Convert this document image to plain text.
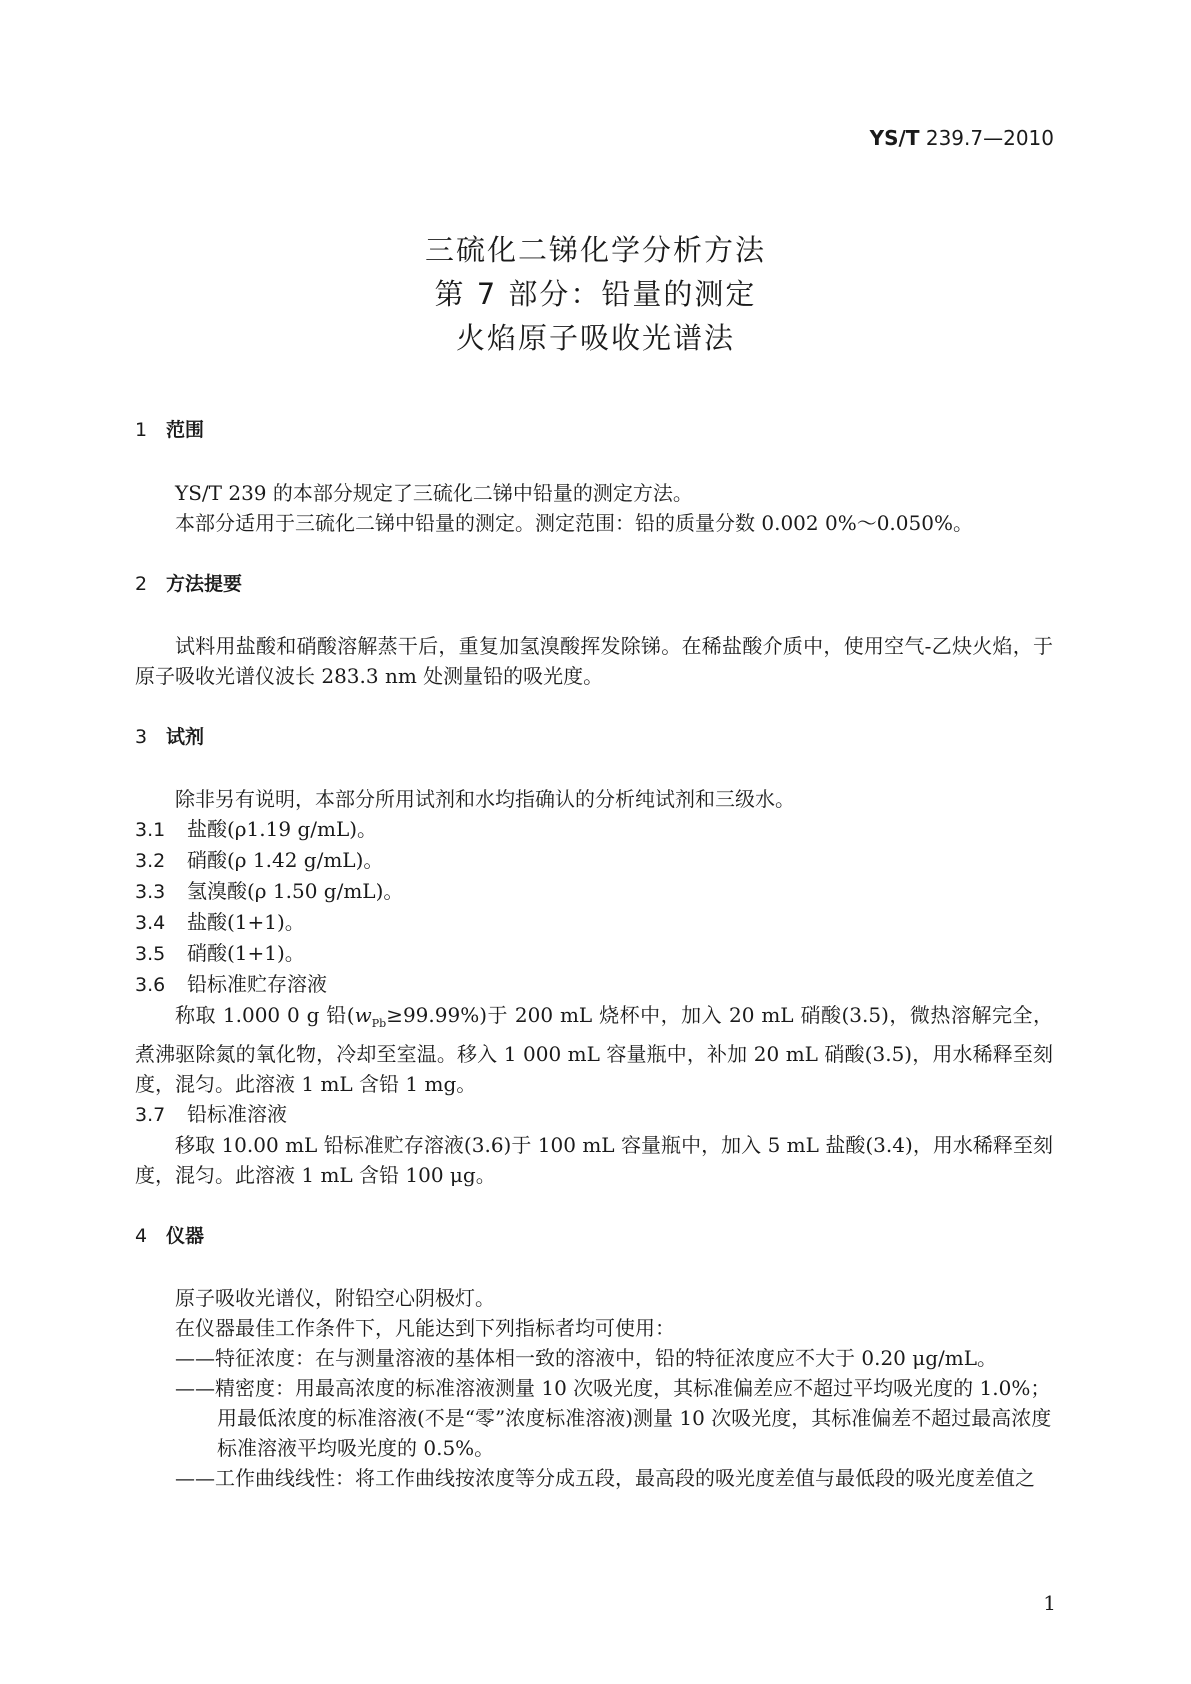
YS/T 239.7—2010
三硫化二锑化学分析方法
第 7 部分：铅量的测定
火焰原子吸收光谱法
1 范围
YS/T 239 的本部分规定了三硫化二锑中铅量的测定方法。
本部分适用于三硫化二锑中铅量的测定。测定范围：铅的质量分数 0.002 0%～0.050%。
2 方法提要
试料用盐酸和硝酸溶解蒸干后，重复加氢溴酸挥发除锑。在稀盐酸介质中，使用空气-乙炔火焰，于原子吸收光谱仪波长 283.3 nm 处测量铅的吸光度。
3 试剂
除非另有说明，本部分所用试剂和水均指确认的分析纯试剂和三级水。
3.1 盐酸(ρ1.19 g/mL)。
3.2 硝酸(ρ 1.42 g/mL)。
3.3 氢溴酸(ρ 1.50 g/mL)。
3.4 盐酸(1+1)。
3.5 硝酸(1+1)。
3.6 铅标准贮存溶液
称取 1.000 0 g 铅$(w_{Pb}\ge 99.99\%)$于 200 mL 烧杯中，加入 20 mL 硝酸(3.5)，微热溶解完全，煮沸驱除氮的氧化物，冷却至室温。移入 1 000 mL 容量瓶中，补加 20 mL 硝酸(3.5)，用水稀释至刻度，混匀。此溶液 1 mL 含铅 1 mg。
3.7 铅标准溶液
移取 10.00 mL 铅标准贮存溶液(3.6)于 100 mL 容量瓶中，加入 5 mL 盐酸(3.4)，用水稀释至刻度，混匀。此溶液 1 mL 含铅 100 μg。
4 仪器
原子吸收光谱仪，附铅空心阴极灯。
在仪器最佳工作条件下，凡能达到下列指标者均可使用：
——特征浓度：在与测量溶液的基体相一致的溶液中，铅的特征浓度应不大于 0.20 μg/mL。
——精密度：用最高浓度的标准溶液测量 10 次吸光度，其标准偏差应不超过平均吸光度的 1.0%；
用最低浓度的标准溶液(不是“零”浓度标准溶液)测量 10 次吸光度，其标准偏差不超过最高浓度标准溶液平均吸光度的 0.5%。
——工作曲线线性：将工作曲线按浓度等分成五段，最高段的吸光度差值与最低段的吸光度差值之
1
